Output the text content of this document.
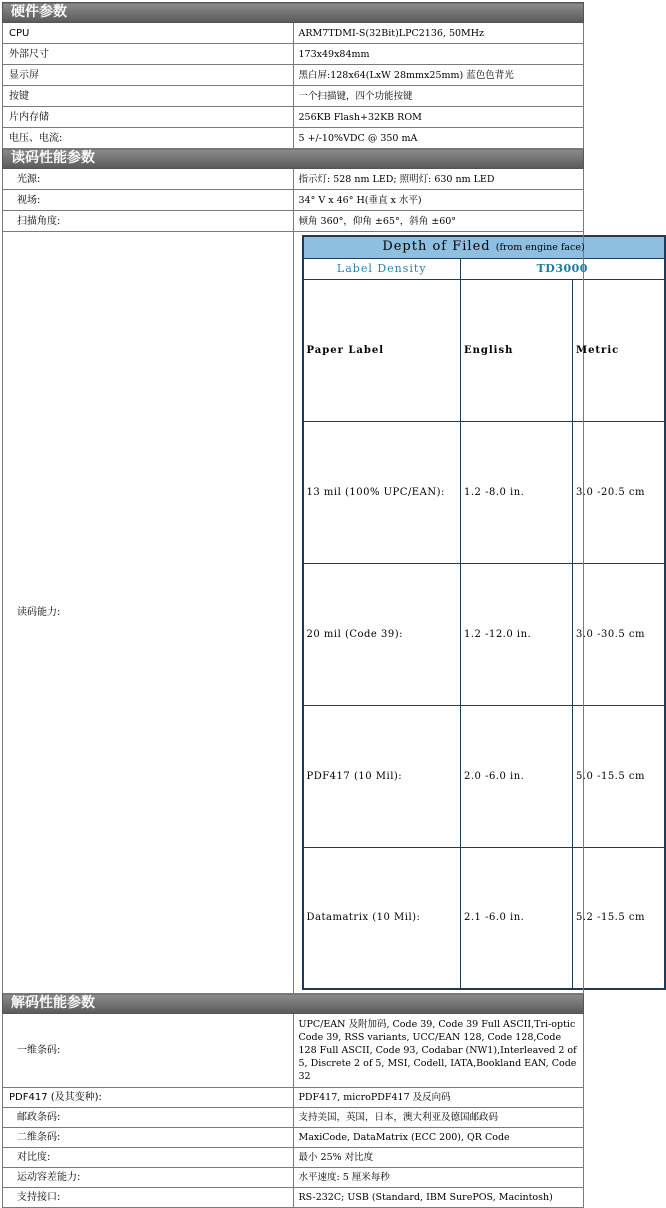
硬件参数
CPU	ARM7TDMI-S(32Bit)LPC2136, 50MHz
外部尺寸	173x49x84mm
显示屏	黑白屏:128x64(LxW 28mmx25mm) 蓝色色背光
按键	一个扫描键，四个功能按键
片内存储	256KB Flash+32KB ROM
电压、电流:	5 +/-10%VDC @ 350 mA
读码性能参数
光源:	指示灯: 528 nm LED; 照明灯: 630 nm LED
视场:	34° V x 46° H(垂直 x 水平)
扫描角度:	倾角 360°，仰角 ±65°，斜角 ±60°
读码能力:	
Depth of Filed (from engine face)
Label Density	TD3000
Paper Label	English	Metric
13 mil (100% UPC/EAN):	1.2 -8.0 in.	3.0 -20.5 cm
20 mil (Code 39):	1.2 -12.0 in.	3.0 -30.5 cm
PDF417 (10 Mil):	2.0 -6.0 in.	5.0 -15.5 cm
Datamatrix (10 Mil):	2.1 -6.0 in.	5.2 -15.5 cm

解码性能参数
一维条码:	UPC/EAN 及附加码, Code 39, Code 39 Full ASCII,Tri-optic Code 39, RSS variants, UCC/EAN 128, Code 128,Code 128 Full ASCII, Code 93, Codabar (NW1),Interleaved 2 of 5, Discrete 2 of 5, MSI, Codell, IATA,Bookland EAN, Code 32
PDF417 (及其变种):	PDF417, microPDF417 及反向码
邮政条码:	支持美国，英国，日本，澳大利亚及德国邮政码
二维条码:	MaxiCode, DataMatrix (ECC 200), QR Code
对比度:	最小 25% 对比度
运动容差能力:	水平速度: 5 厘米每秒
支持接口:	RS-232C; USB (Standard, IBM SurePOS, Macintosh)
